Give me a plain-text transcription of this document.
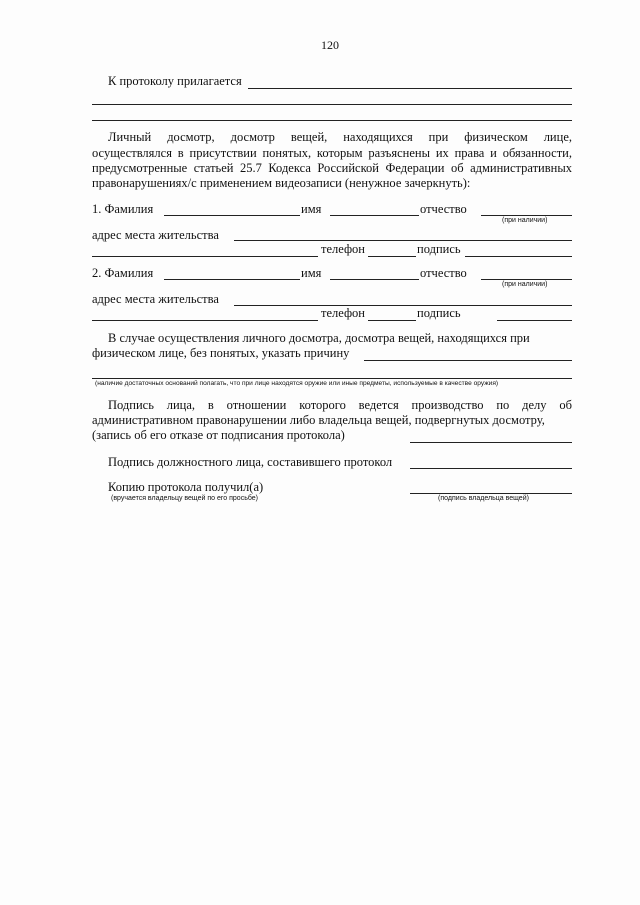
120
К протоколу прилагается
Личный досмотр, досмотр вещей, находящихся при физическом лице,
осуществлялся в присутствии понятых, которым разъяснены их права и обязанности,
предусмотренные статьей 25.7 Кодекса Российской Федерации об административных
правонарушениях/с применением видеозаписи (ненужное зачеркнуть):
1. Фамилия	имя	отчество
(при наличии)
адрес места жительства
телефон	подпись
2. Фамилия	имя	отчество
(при наличии)
адрес места жительства
телефон	подпись
В случае осуществления личного досмотра, досмотра вещей, находящихся при
физическом лице, без понятых, указать причину
(наличие достаточных оснований полагать, что при лице находятся оружие или иные предметы, используемые в качестве оружия)
Подпись лица, в отношении которого ведется производство по делу об
административном правонарушении либо владельца вещей, подвергнутых досмотру,
(запись об его отказе от подписания протокола)
Подпись должностного лица, составившего протокол
Копию протокола получил(а)
(вручается владельцу вещей по его просьбе)	(подпись владельца вещей)
